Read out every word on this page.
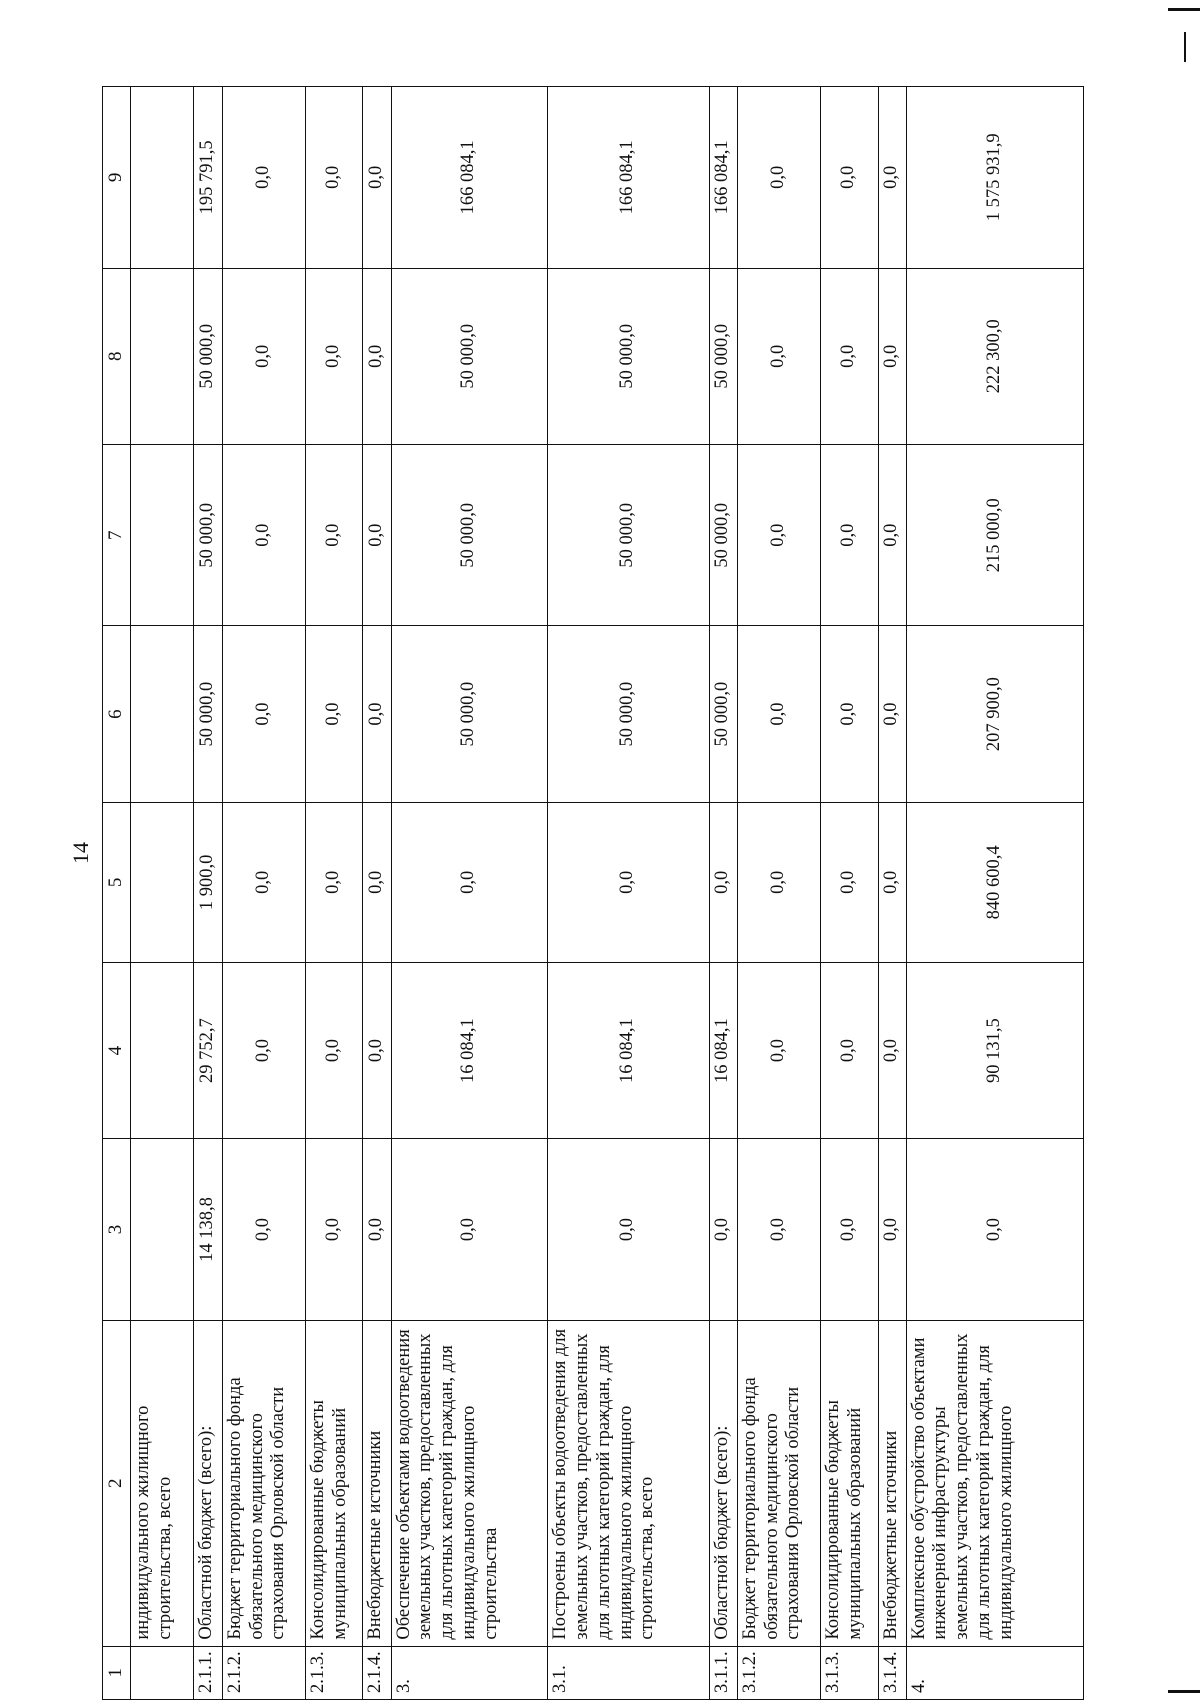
14
1	2	3	4	5	6	7	8	9
	индивидуального жилищного строительства, всего							
2.1.1.	Областной бюджет (всего):	14 138,8	29 752,7	1 900,0	50 000,0	50 000,0	50 000,0	195 791,5
2.1.2.	Бюджет территориального фонда обязательного медицинского страхования Орловской области	0,0	0,0	0,0	0,0	0,0	0,0	0,0
2.1.3.	Консолидированные бюджеты муниципальных образований	0,0	0,0	0,0	0,0	0,0	0,0	0,0
2.1.4.	Внебюджетные источники	0,0	0,0	0,0	0,0	0,0	0,0	0,0
3.	Обеспечение объектами водоотведения земельных участков, предоставленных для льготных категорий граждан, для индивидуального жилищного строительства	0,0	16 084,1	0,0	50 000,0	50 000,0	50 000,0	166 084,1
3.1.	Построены объекты водоотведения для земельных участков, предоставленных для льготных категорий граждан, для индивидуального жилищного строительства, всего	0,0	16 084,1	0,0	50 000,0	50 000,0	50 000,0	166 084,1
3.1.1.	Областной бюджет (всего):	0,0	16 084,1	0,0	50 000,0	50 000,0	50 000,0	166 084,1
3.1.2.	Бюджет территориального фонда обязательного медицинского страхования Орловской области	0,0	0,0	0,0	0,0	0,0	0,0	0,0
3.1.3.	Консолидированные бюджеты муниципальных образований	0,0	0,0	0,0	0,0	0,0	0,0	0,0
3.1.4.	Внебюджетные источники	0,0	0,0	0,0	0,0	0,0	0,0	0,0
4.	Комплексное обустройство объектами инженерной инфраструктуры земельных участков, предоставленных для льготных категорий граждан, для индивидуального жилищного	0,0	90 131,5	840 600,4	207 900,0	215 000,0	222 300,0	1 575 931,9
